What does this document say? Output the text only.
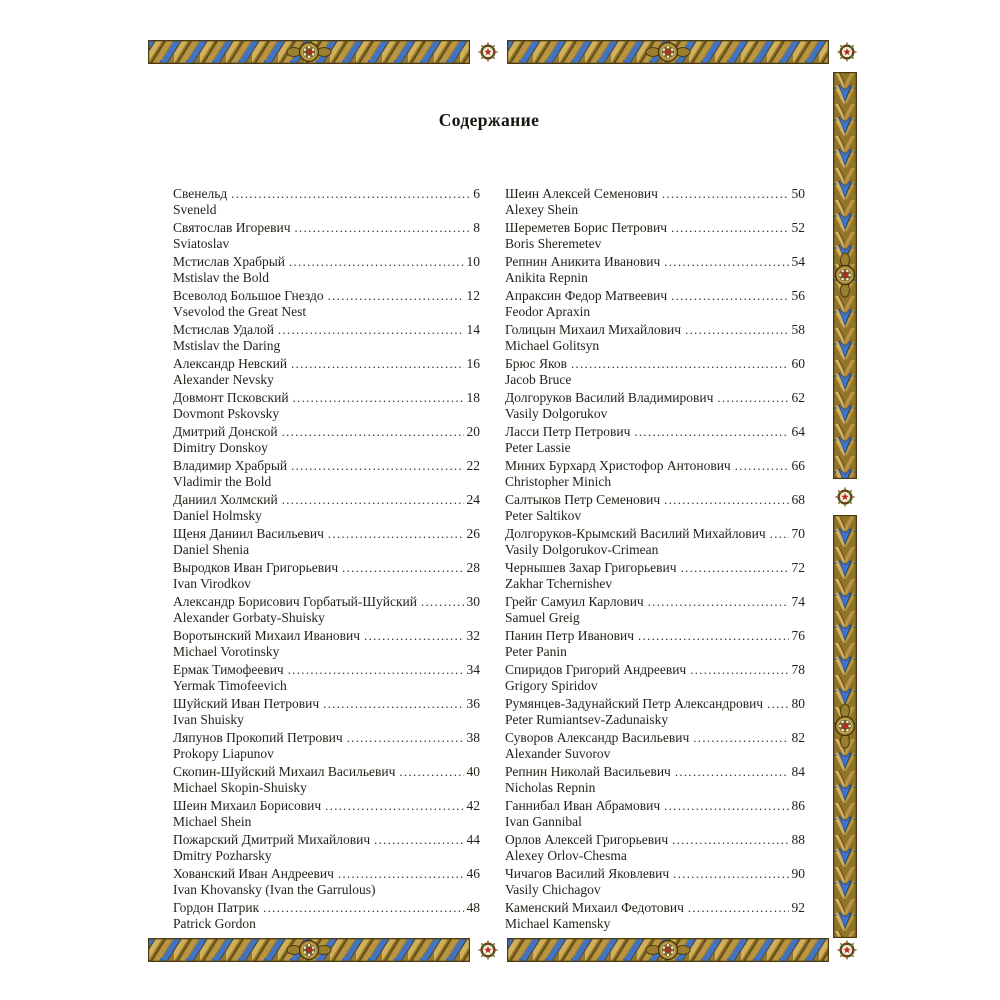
Содержание
Свенельд .....	6
Sveneld
Святослав Игоревич .....	8
Sviatoslav
Мстислав Храбрый .....	10
Mstislav the Bold
Всеволод Большое Гнездо .....	12
Vsevolod the Great Nest
Мстислав Удалой .....	14
Mstislav the Daring
Александр Невский .....	16
Alexander Nevsky
Довмонт Псковский .....	18
Dovmont Pskovsky
Дмитрий Донской .....	20
Dimitry Donskoy
Владимир Храбрый .....	22
Vladimir the Bold
Даниил Холмский .....	24
Daniel Holmsky
Щеня Даниил Васильевич .....	26
Daniel Shenia
Выродков Иван Григорьевич .....	28
Ivan Virodkov
Александр Борисович Горбатый-Шуйский .....	30
Alexander Gorbaty-Shuisky
Воротынский Михаил Иванович .....	32
Michael Vorotinsky
Ермак Тимофеевич .....	34
Yermak Timofeevich
Шуйский Иван Петрович .....	36
Ivan Shuisky
Ляпунов Прокопий Петрович .....	38
Prokopy Liapunov
Скопин-Шуйский Михаил Васильевич .....	40
Michael Skopin-Shuisky
Шеин Михаил Борисович .....	42
Michael Shein
Пожарский Дмитрий Михайлович .....	44
Dmitry Pozharsky
Хованский Иван Андреевич .....	46
Ivan Khovansky (Ivan the Garrulous)
Гордон Патрик .....	48
Patrick Gordon
Шеин Алексей Семенович .....	50
Alexey Shein
Шереметев Борис Петрович .....	52
Boris Sheremetev
Репнин Аникита Иванович .....	54
Anikita Repnin
Апраксин Федор Матвеевич .....	56
Feodor Apraxin
Голицын Михаил Михайлович .....	58
Michael Golitsyn
Брюс Яков .....	60
Jacob Bruce
Долгоруков Василий Владимирович .....	62
Vasily Dolgorukov
Ласси Петр Петрович .....	64
Peter Lassie
Миних Бурхард Христофор Антонович .....	66
Christopher Minich
Салтыков Петр Семенович .....	68
Peter Saltikov
Долгоруков-Крымский Василий Михайлович ..... 70
Vasily Dolgorukov-Crimean
Чернышев Захар Григорьевич .....	72
Zakhar Tchernishev
Грейг Самуил Карлович .....	74
Samuel Greig
Панин Петр Иванович .....	76
Peter Panin
Спиридов Григорий Андреевич .....	78
Grigory Spiridov
Румянцев-Задунайский Петр Александрович ..... 80
Peter Rumiantsev-Zadunaisky
Суворов Александр Васильевич .....	82
Alexander Suvorov
Репнин Николай Васильевич .....	84
Nicholas Repnin
Ганнибал Иван Абрамович .....	86
Ivan Gannibal
Орлов Алексей Григорьевич .....	88
Alexey Orlov-Chesma
Чичагов Василий Яковлевич .....	90
Vasily Chichagov
Каменский Михаил Федотович .....	92
Michael Kamensky
